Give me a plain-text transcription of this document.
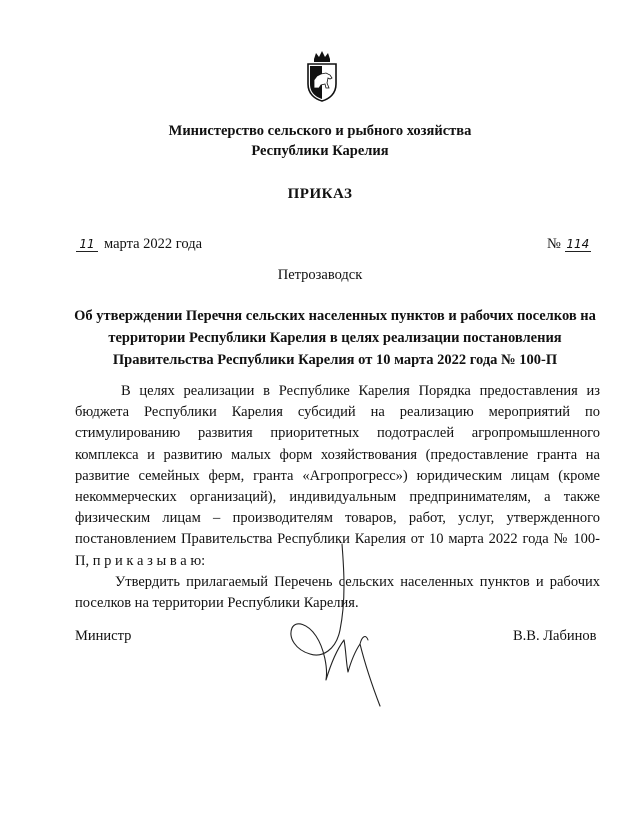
Министерство сельского и рыбного хозяйства
Республики Карелия
ПРИКАЗ
11 марта 2022 года	№ 114
Петрозаводск
Об утверждении Перечня сельских населенных пунктов и рабочих поселков на
территории Республики Карелия в целях реализации постановления
Правительства Республики Карелия от 10 марта 2022 года № 100-П

В целях реализации в Республике Карелия Порядка предоставления из бюджета Республики Карелия субсидий на реализацию мероприятий по стимулированию развития приоритетных подотраслей агропромышленного комплекса и развитию малых форм хозяйствования (предоставление гранта на развитие семейных ферм, гранта «Агропрогресс») юридическим лицам (кроме некоммерческих организаций), индивидуальным предпринимателям, а также физическим лицам – производителям товаров, работ, услуг, утвержденного постановлением Правительства Республики Карелия от 10 марта 2022 года № 100-П, п р и к а з ы в а ю:

Утвердить прилагаемый Перечень сельских населенных пунктов и рабочих поселков на территории Республики Карелия.

Министр	В.В. Лабинов
